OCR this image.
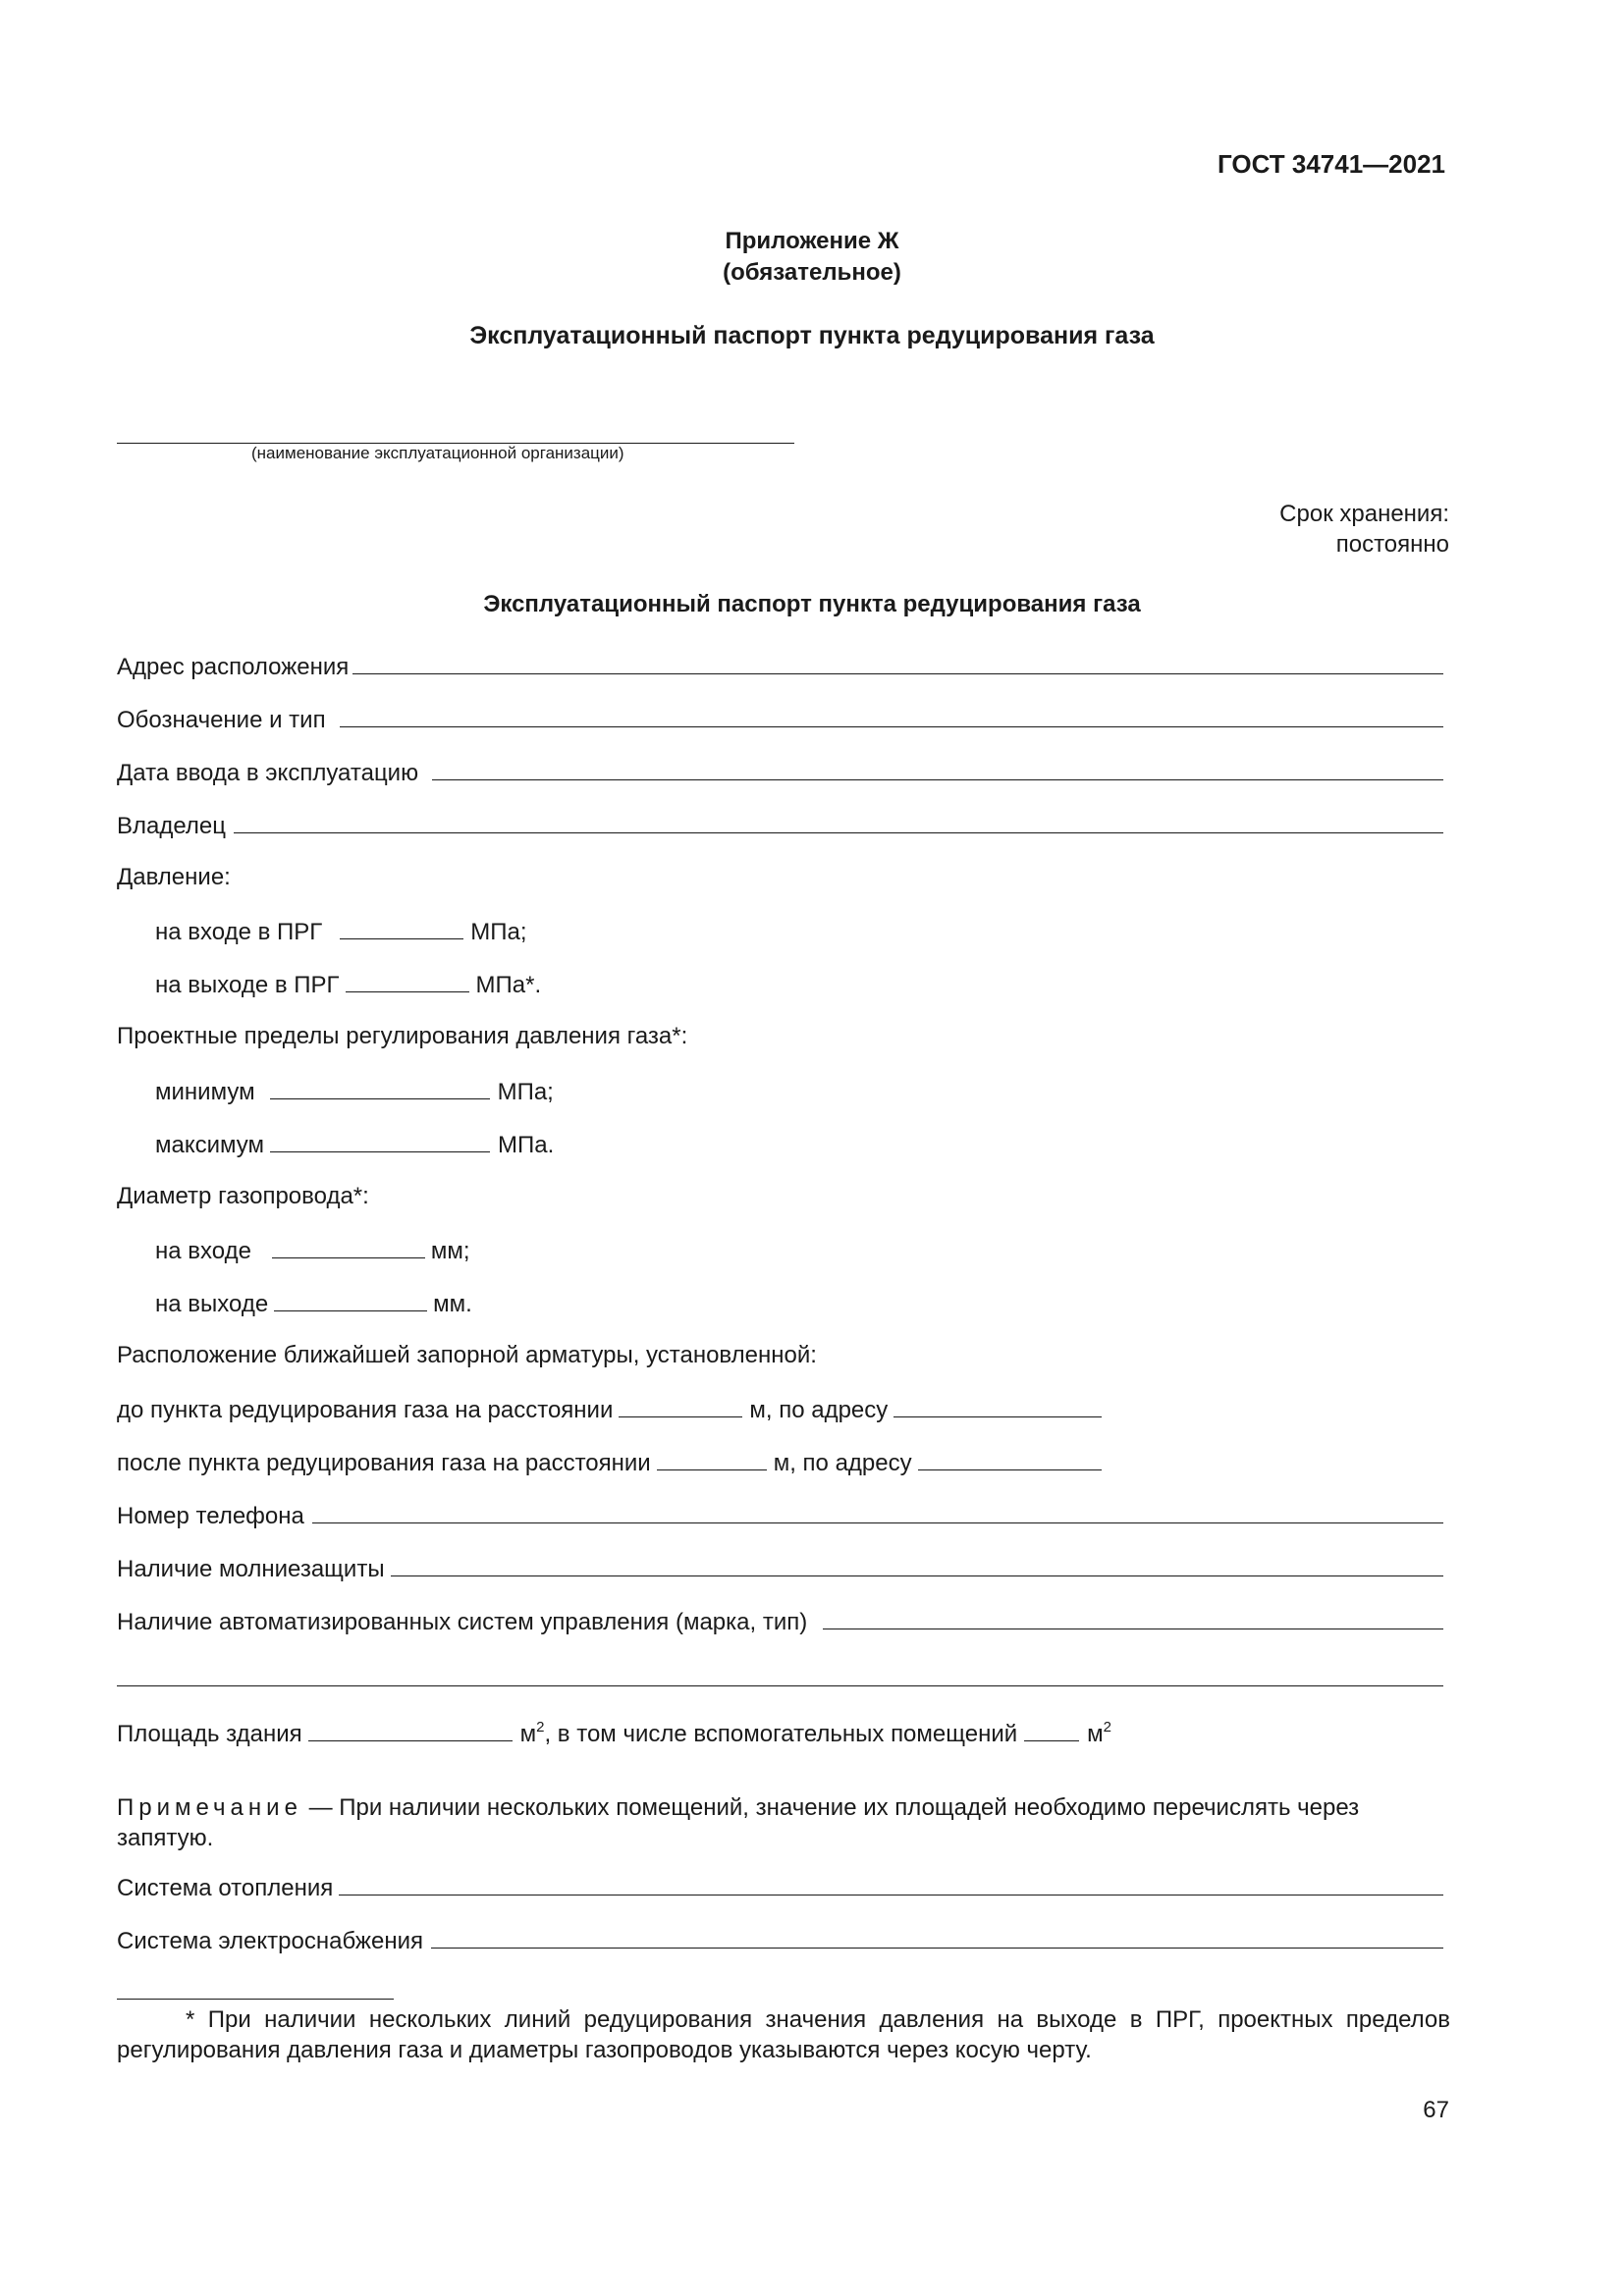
ГОСТ 34741—2021
Приложение Ж
(обязательное)
Эксплуатационный паспорт пункта редуцирования газа
(наименование эксплуатационной организации)
Срок хранения:
постоянно
Эксплуатационный паспорт пункта редуцирования газа
Адрес расположения
Обозначение и тип
Дата ввода в эксплуатацию
Владелец
Давление:
на входе в ПРГ	МПа;
на выходе в ПРГ	МПа*.
Проектные пределы регулирования давления газа*:
минимум	МПа;
максимум	МПа.
Диаметр газопровода*:
на входе	мм;
на выходе	мм.
Расположение ближайшей запорной арматуры, установленной:
до пункта редуцирования газа на расстоянии	м, по адресу
после пункта редуцирования газа на расстоянии	м, по адресу
Номер телефона
Наличие молниезащиты
Наличие автоматизированных систем управления (марка, тип)
Площадь здания	$м^2$ , в том числе вспомогательных помещений	$м^2$
Примечание — При наличии нескольких помещений, значение их площадей необходимо перечислять через запятую.
Система отопления
Система электроснабжения
* При наличии нескольких линий редуцирования значения давления на выходе в ПРГ, проектных пределов регулирования давления газа и диаметры газопроводов указываются через косую черту.
67
